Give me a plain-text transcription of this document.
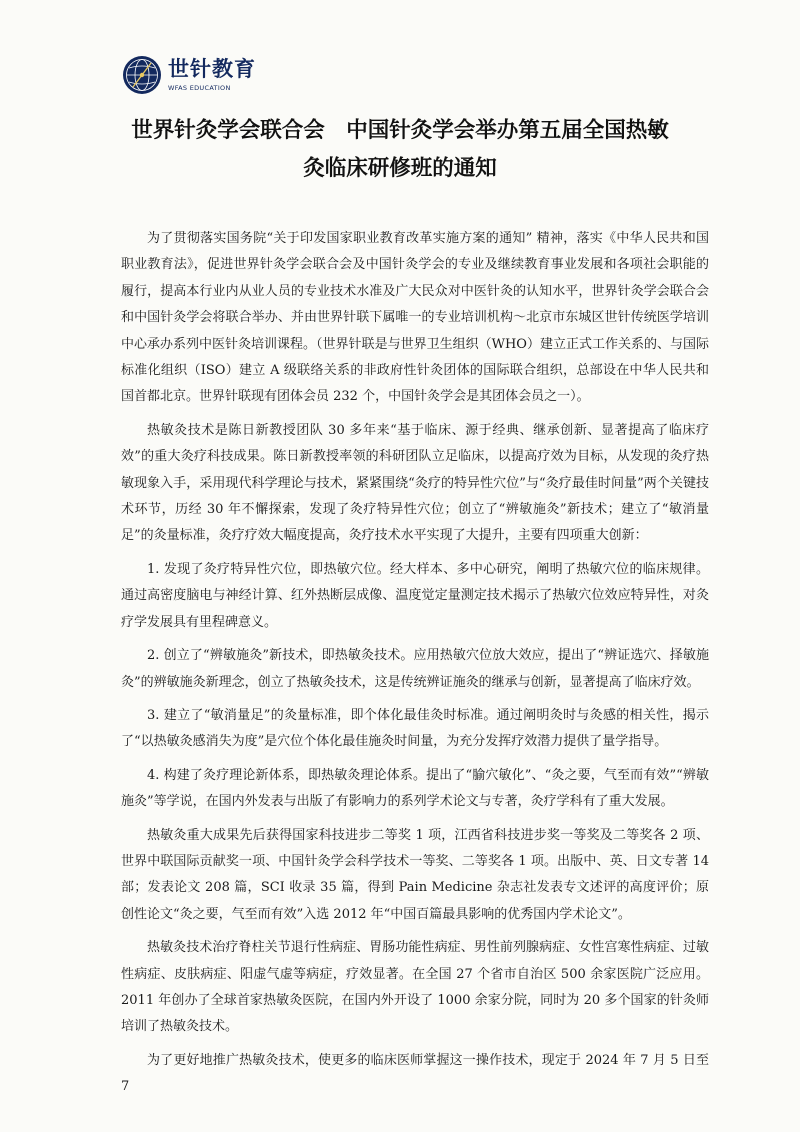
世针教育
WFAS EDUCATION
世界针灸学会联合会　中国针灸学会举办第五届全国热敏
灸临床研修班的通知

为了贯彻落实国务院“关于印发国家职业教育改革实施方案的通知” 精神，落实《中华人民共和国职业教育法》，促进世界针灸学会联合会及中国针灸学会的专业及继续教育事业发展和各项社会职能的履行，提高本行业内从业人员的专业技术水准及广大民众对中医针灸的认知水平，世界针灸学会联合会和中国针灸学会将联合举办、并由世界针联下属唯一的专业培训机构～北京市东城区世针传统医学培训中心承办系列中医针灸培训课程。（世界针联是与世界卫生组织（WHO）建立正式工作关系的、与国际标准化组织（ISO）建立 A 级联络关系的非政府性针灸团体的国际联合组织，总部设在中华人民共和国首都北京。世界针联现有团体会员 232 个，中国针灸学会是其团体会员之一）。

热敏灸技术是陈日新教授团队 30 多年来“基于临床、源于经典、继承创新、显著提高了临床疗效”的重大灸疗科技成果。陈日新教授率领的科研团队立足临床，以提高疗效为目标，从发现的灸疗热敏现象入手，采用现代科学理论与技术，紧紧围绕“灸疗的特异性穴位”与“灸疗最佳时间量”两个关键技术环节，历经 30 年不懈探索，发现了灸疗特异性穴位；创立了“辨敏施灸”新技术；建立了“敏消量足”的灸量标准，灸疗疗效大幅度提高，灸疗技术水平实现了大提升，主要有四项重大创新：

1. 发现了灸疗特异性穴位，即热敏穴位。经大样本、多中心研究，阐明了热敏穴位的临床规律。通过高密度脑电与神经计算、红外热断层成像、温度觉定量测定技术揭示了热敏穴位效应特异性，对灸疗学发展具有里程碑意义。

2. 创立了“辨敏施灸”新技术，即热敏灸技术。应用热敏穴位放大效应，提出了“辨证选穴、择敏施灸”的辨敏施灸新理念，创立了热敏灸技术，这是传统辨证施灸的继承与创新，显著提高了临床疗效。

3. 建立了“敏消量足”的灸量标准，即个体化最佳灸时标准。通过阐明灸时与灸感的相关性，揭示了“以热敏灸感消失为度”是穴位个体化最佳施灸时间量，为充分发挥疗效潜力提供了量学指导。

4. 构建了灸疗理论新体系，即热敏灸理论体系。提出了“腧穴敏化”、“灸之要，气至而有效”“辨敏施灸”等学说，在国内外发表与出版了有影响力的系列学术论文与专著，灸疗学科有了重大发展。

热敏灸重大成果先后获得国家科技进步二等奖 1 项，江西省科技进步奖一等奖及二等奖各 2 项、世界中联国际贡献奖一项、中国针灸学会科学技术一等奖、二等奖各 1 项。出版中、英、日文专著 14 部；发表论文 208 篇，SCI 收录 35 篇，得到 Pain Medicine 杂志社发表专文述评的高度评价；原创性论文“灸之要，气至而有效”入选 2012 年“中国百篇最具影响的优秀国内学术论文”。

热敏灸技术治疗脊柱关节退行性病症、胃肠功能性病症、男性前列腺病症、女性宫寒性病症、过敏性病症、皮肤病症、阳虚气虚等病症，疗效显著。在全国 27 个省市自治区 500 余家医院广泛应用。2011 年创办了全球首家热敏灸医院，在国内外开设了 1000 余家分院，同时为 20 多个国家的针灸师培训了热敏灸技术。

为了更好地推广热敏灸技术，使更多的临床医师掌握这一操作技术，现定于 2024 年 7 月 5 日至 7
